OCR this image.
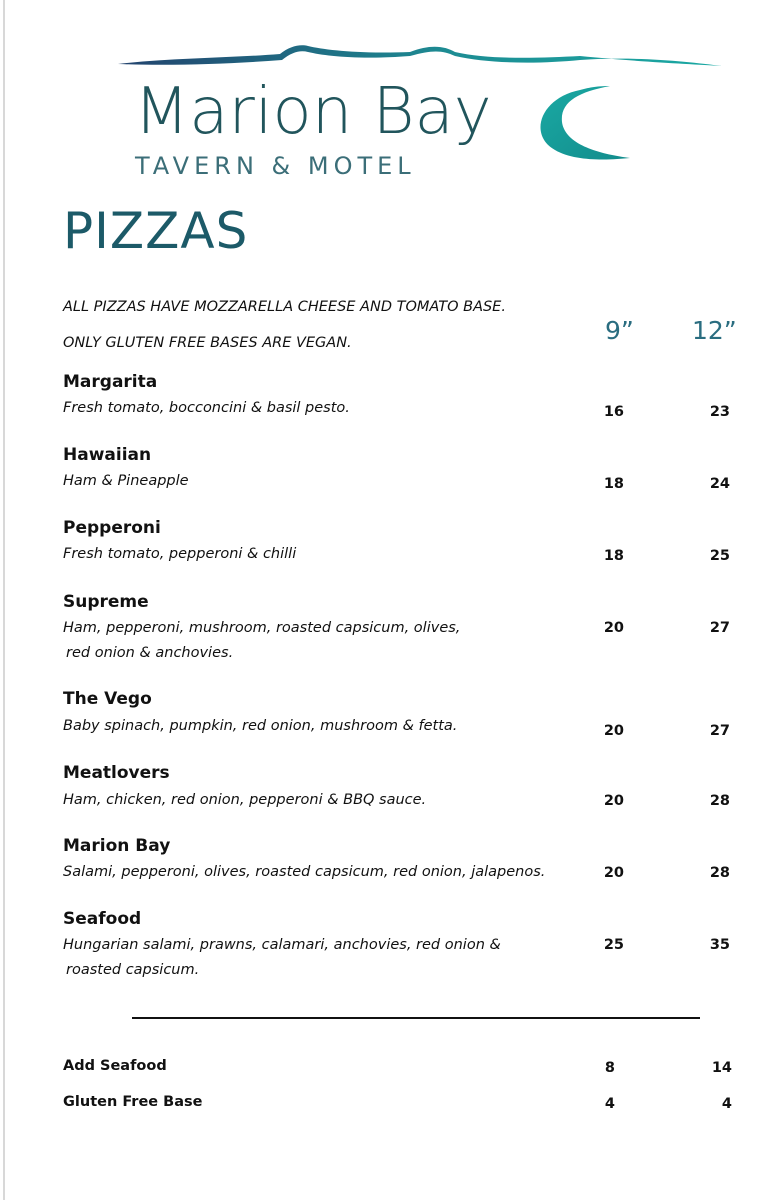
Marion Bay
TAVERN & MOTEL
PIZZAS
ALL PIZZAS HAVE MOZZARELLA CHEESE AND TOMATO BASE.
ONLY GLUTEN FREE BASES ARE VEGAN.	9” 12”
Margarita
Fresh tomato, bocconcini & basil pesto.	16	23
Hawaiian
Ham & Pineapple	18	24
Pepperoni
Fresh tomato, pepperoni & chilli	18	25
Supreme
Ham, pepperoni, mushroom, roasted capsicum, olives,
red onion & anchovies.
20	27
The Vego
Baby spinach, pumpkin, red onion, mushroom & fetta.	20	27
Meatlovers
Ham, chicken, red onion, pepperoni & BBQ sauce.	20	28
Marion Bay
Salami, pepperoni, olives, roasted capsicum, red onion, jalapenos.	20	28
Seafood
Hungarian salami, prawns, calamari, anchovies, red onion &
roasted capsicum.
25	35
Add Seafood	8	14
Gluten Free Base	4	4
